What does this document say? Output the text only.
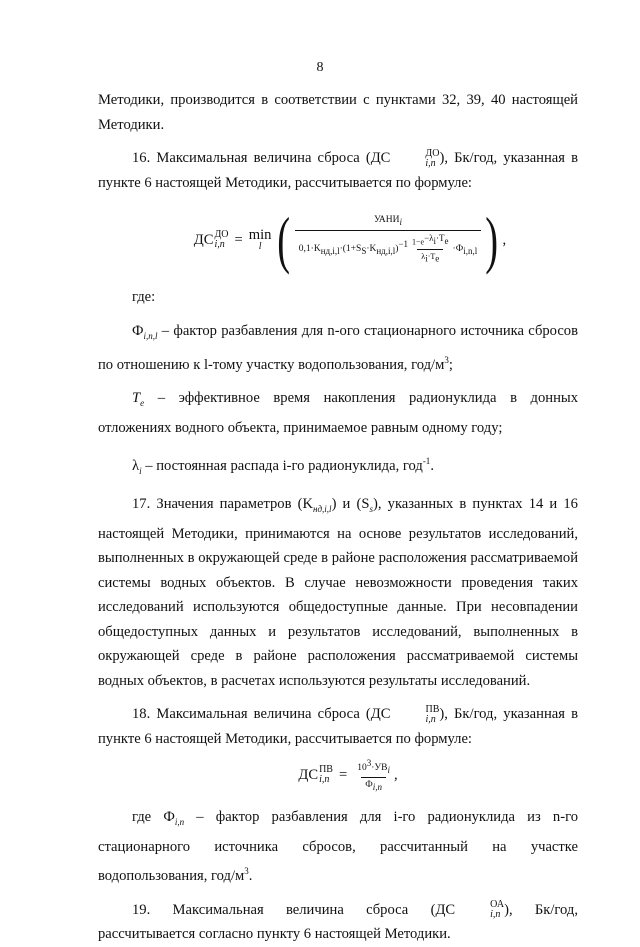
8

Методики, производится в соответствии с пунктами 32, 39, 40 настоящей Методики.

16. Максимальная величина сброса (ДС	ДО
i,n ), Бк/год, указанная в пункте 6 настоящей Методики, рассчитывается по формуле:

ДС ДО
i,n = min
l ( $\frac{УАНИ_i}{0,1\cdot K_{нд,i,l}\cdot(1+S_S\cdot K_{нд,i,l})^{-1} \frac{1-e^{-\lambda_i\cdot T_e}}{\lambda_i\cdot T_e} \cdot Ф_{i,n,l}}$ ) ,

где:

$Ф_{i,n,l}$ – фактор разбавления для n-ого стационарного источника сбросов по отношению к l-тому участку водопользования, год/$м^3$;

$T_e$ – эффективное время накопления радионуклида в донных отложениях водного объекта, принимаемое равным одному году;

$\lambda_i$ – постоянная распада i-го радионуклида, год$^{-1}$.

17. Значения параметров $(K_{нд,i,l})$ и $(S_s)$, указанных в пунктах 14 и 16 настоящей Методики, принимаются на основе результатов исследований, выполненных в окружающей среде в районе расположения рассматриваемой системы водных объектов. В случае невозможности проведения таких исследований используются общедоступные данные. При несовпадении общедоступных данных и результатов исследований, выполненных в окружающей среде в районе расположения рассматриваемой системы водных объектов, в расчетах используются результаты исследований.

18. Максимальная величина сброса (ДС	ПВ
i,n ), Бк/год, указанная в пункте 6 настоящей Методики, рассчитывается по формуле:

ДС ПВ
$i,n = \frac{10^3\cdot УВ_i}{Ф_{i,n}}$ ,

где $Ф_{i,n}$ – фактор разбавления для i-го радионуклида из n-го стационарного источника сбросов, рассчитанный на участке водопользования, год/$м^3$.

19. Максимальная величина сброса (ДС	ОА
i,n ), Бк/год, рассчитывается согласно пункту 6 настоящей Методики.
